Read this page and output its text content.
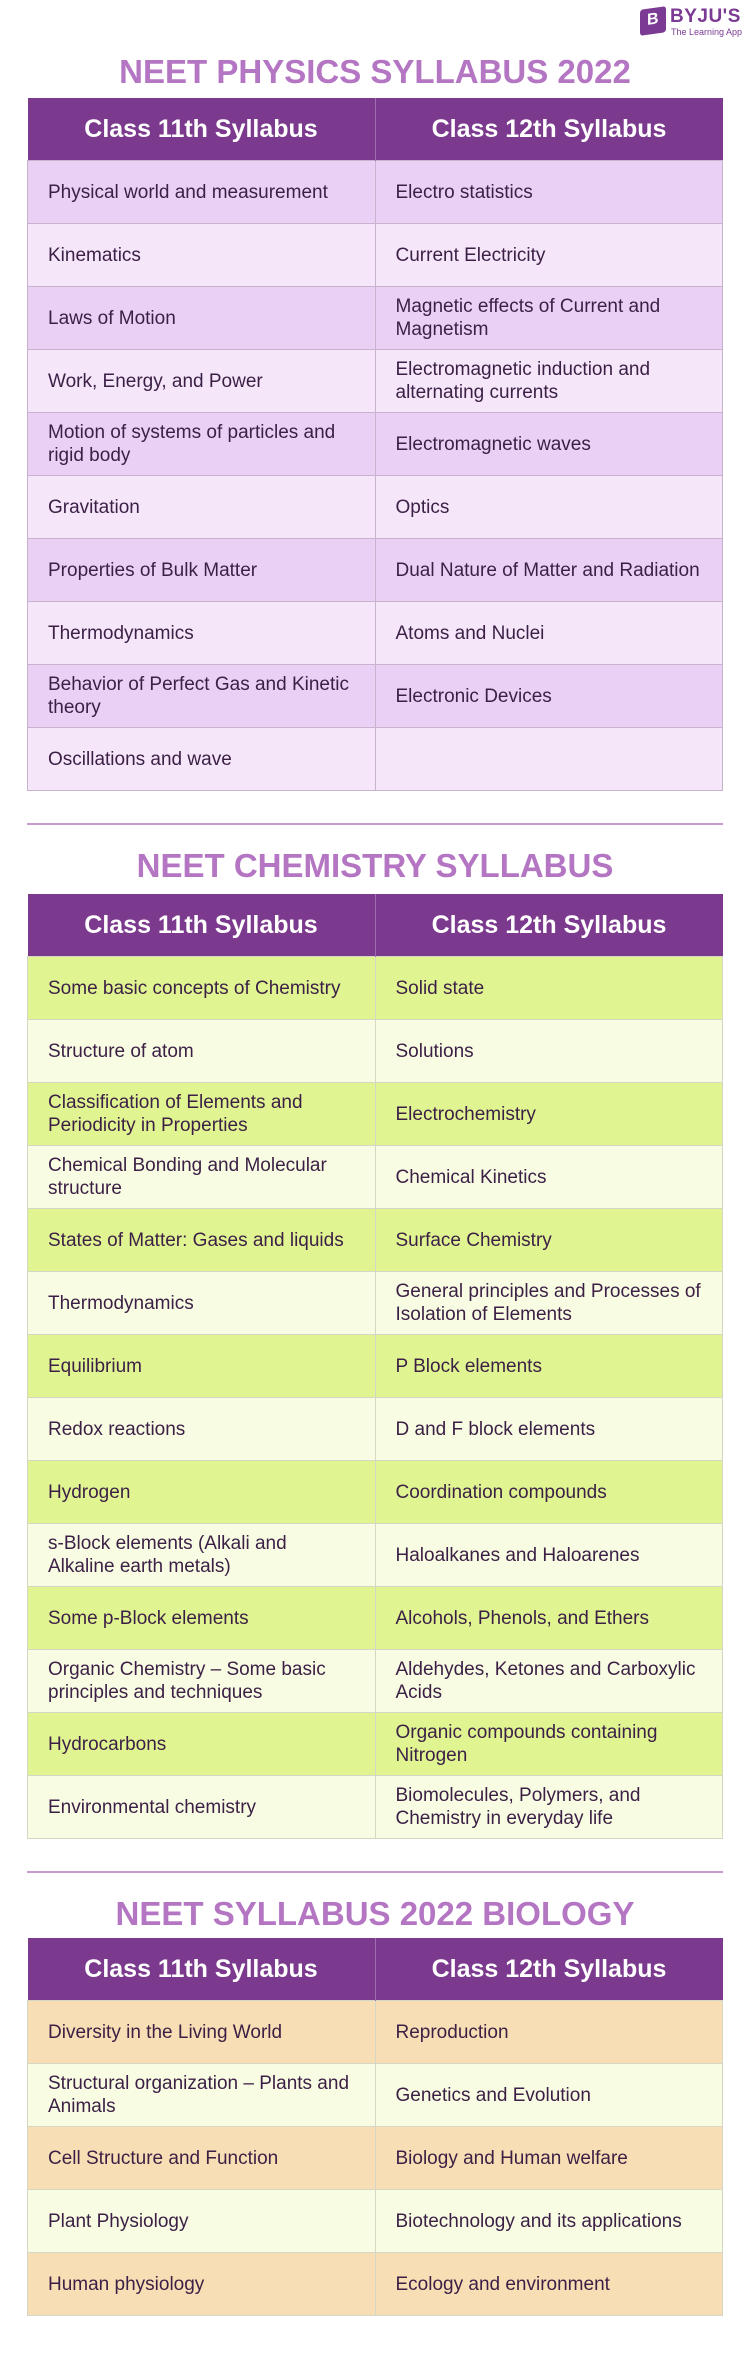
B
BYJU'S
The Learning App
NEET PHYSICS SYLLABUS 2022
Class 11th Syllabus	Class 12th Syllabus
Physical world and measurement	Electro statistics
Kinematics	Current Electricity
Laws of Motion	Magnetic effects of Current and Magnetism
Work, Energy, and Power	Electromagnetic induction and alternating currents
Motion of systems of particles and rigid body	Electromagnetic waves
Gravitation	Optics
Properties of Bulk Matter	Dual Nature of Matter and Radiation
Thermodynamics	Atoms and Nuclei
Behavior of Perfect Gas and Kinetic theory	Electronic Devices
Oscillations and wave	
NEET CHEMISTRY SYLLABUS
Class 11th Syllabus	Class 12th Syllabus
Some basic concepts of Chemistry	Solid state
Structure of atom	Solutions
Classification of Elements and Periodicity in Properties	Electrochemistry
Chemical Bonding and Molecular structure	Chemical Kinetics
States of Matter: Gases and liquids	Surface Chemistry
Thermodynamics	General principles and Processes of Isolation of Elements
Equilibrium	P Block elements
Redox reactions	D and F block elements
Hydrogen	Coordination compounds
s-Block elements (Alkali and Alkaline earth metals)	Haloalkanes and Haloarenes
Some p-Block elements	Alcohols, Phenols, and Ethers
Organic Chemistry – Some basic principles and techniques	Aldehydes, Ketones and Carboxylic Acids
Hydrocarbons	Organic compounds containing Nitrogen
Environmental chemistry	Biomolecules, Polymers, and Chemistry in everyday life
NEET SYLLABUS 2022 BIOLOGY
Class 11th Syllabus	Class 12th Syllabus
Diversity in the Living World	Reproduction
Structural organization – Plants and Animals	Genetics and Evolution
Cell Structure and Function	Biology and Human welfare
Plant Physiology	Biotechnology and its applications
Human physiology	Ecology and environment
